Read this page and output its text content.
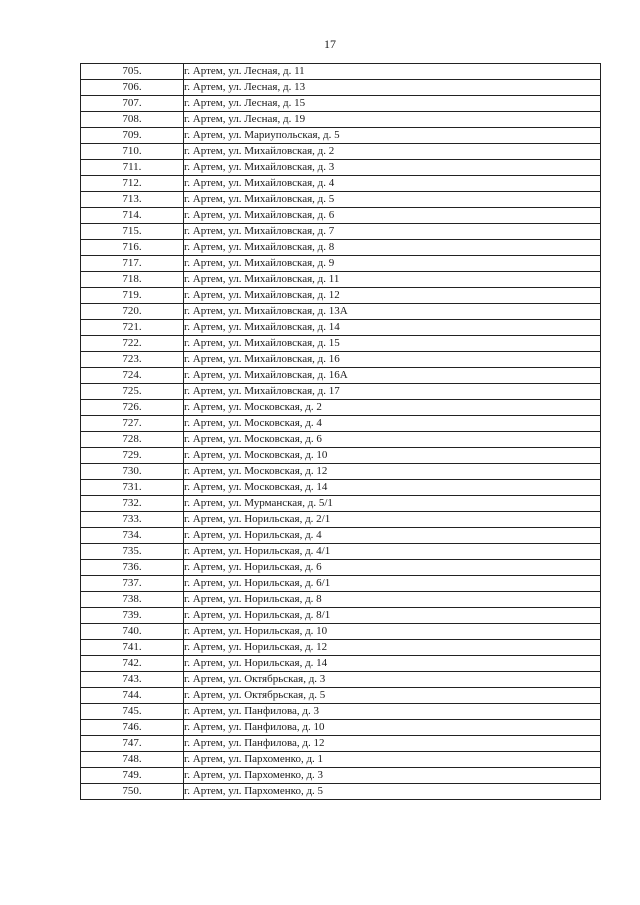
17
705.	г. Артем, ул. Лесная, д. 11
706.	г. Артем, ул. Лесная, д. 13
707.	г. Артем, ул. Лесная, д. 15
708.	г. Артем, ул. Лесная, д. 19
709.	г. Артем, ул. Мариупольская, д. 5
710.	г. Артем, ул. Михайловская, д. 2
711.	г. Артем, ул. Михайловская, д. 3
712.	г. Артем, ул. Михайловская, д. 4
713.	г. Артем, ул. Михайловская, д. 5
714.	г. Артем, ул. Михайловская, д. 6
715.	г. Артем, ул. Михайловская, д. 7
716.	г. Артем, ул. Михайловская, д. 8
717.	г. Артем, ул. Михайловская, д. 9
718.	г. Артем, ул. Михайловская, д. 11
719.	г. Артем, ул. Михайловская, д. 12
720.	г. Артем, ул. Михайловская, д. 13А
721.	г. Артем, ул. Михайловская, д. 14
722.	г. Артем, ул. Михайловская, д. 15
723.	г. Артем, ул. Михайловская, д. 16
724.	г. Артем, ул. Михайловская, д. 16А
725.	г. Артем, ул. Михайловская, д. 17
726.	г. Артем, ул. Московская, д. 2
727.	г. Артем, ул. Московская, д. 4
728.	г. Артем, ул. Московская, д. 6
729.	г. Артем, ул. Московская, д. 10
730.	г. Артем, ул. Московская, д. 12
731.	г. Артем, ул. Московская, д. 14
732.	г. Артем, ул. Мурманская, д. 5/1
733.	г. Артем, ул. Норильская, д. 2/1
734.	г. Артем, ул. Норильская, д. 4
735.	г. Артем, ул. Норильская, д. 4/1
736.	г. Артем, ул. Норильская, д. 6
737.	г. Артем, ул. Норильская, д. 6/1
738.	г. Артем, ул. Норильская, д. 8
739.	г. Артем, ул. Норильская, д. 8/1
740.	г. Артем, ул. Норильская, д. 10
741.	г. Артем, ул. Норильская, д. 12
742.	г. Артем, ул. Норильская, д. 14
743.	г. Артем, ул. Октябрьская, д. 3
744.	г. Артем, ул. Октябрьская, д. 5
745.	г. Артем, ул. Панфилова, д. 3
746.	г. Артем, ул. Панфилова, д. 10
747.	г. Артем, ул. Панфилова, д. 12
748.	г. Артем, ул. Пархоменко, д. 1
749.	г. Артем, ул. Пархоменко, д. 3
750.	г. Артем, ул. Пархоменко, д. 5
